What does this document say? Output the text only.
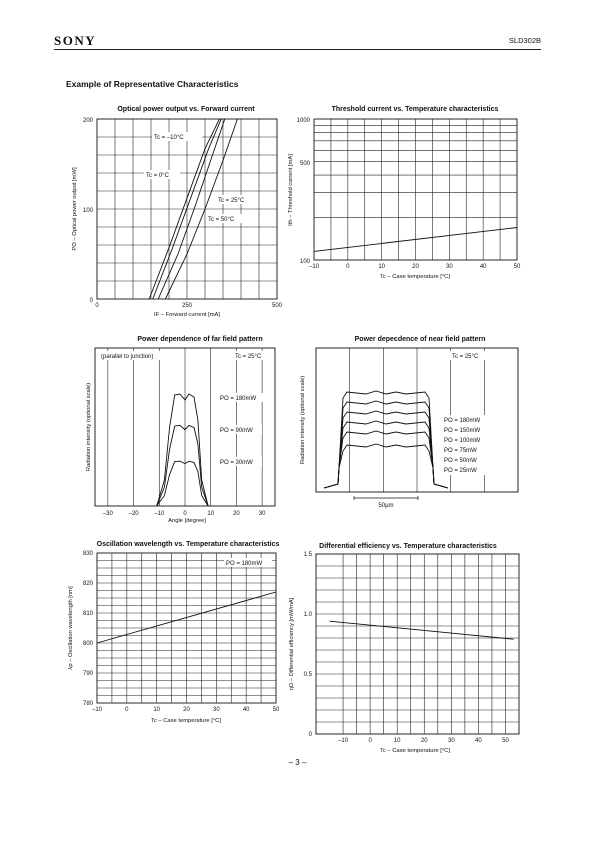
SONY	SLD302B
Example of Representative Characteristics
Optical power output vs. Forward current
0
100
200
0	250	500
IF – Forward current [mA]
PO – Optical power output [mW]
Tc = –10°C
Tc = 0°C
Tc = 25°C
Tc = 50°C
Threshold current vs. Temperature characteristics
100
500
1000
–10	0	10	20	30	40	50
Tc – Case temperature [°C]
Ith – Threshold current [mA]
Power dependence of far field pattern
(parallel to junction)	Tc = 25°C
PO = 180mW
PO = 90mW
PO = 30mW
–30	–20	–10	0	10	20	30
Angle [degree]
Radiation intensity (optional scale)
Power depecdence of near field pattern
Tc = 25°C
PO = 180mW
PO = 150mW
PO = 100mW
PO = 75mW
PO = 50mW
PO = 25mW
50µm
Radiation intensity (optional scale)
Oscillation wavelength vs. Temperature characteristics
PO = 180mW
780
790
800
810
820
830
–10	0	10	20	30	40	50
Tc – Case temperature [°C]
λp – Oscillation wavelength [nm]
Differential efficiency vs. Temperature characteristics
0
0.5
1.0
1.5
–10	0	10	20	30	40	50
Tc – Case temperature [°C]
ηD – Differential efficiency [mW/mA]
– 3 –
